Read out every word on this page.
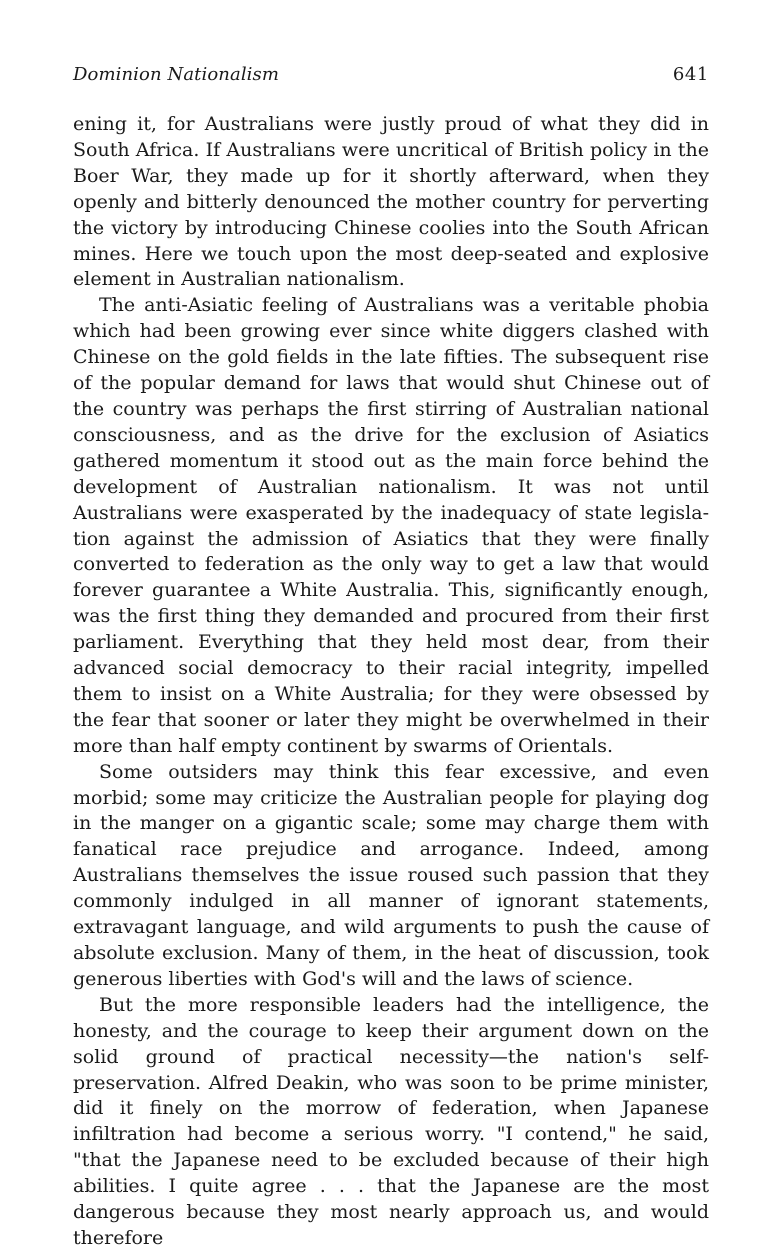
Dominion Nationalism	641

ening it, for Australians were justly proud of what they did in South Africa. If Australians were uncritical of British policy in the Boer War, they made up for it shortly afterward, when they openly and bitterly denounced the mother country for perverting the victory by introducing Chinese coolies into the South African mines. Here we touch upon the most deep-seated and explosive element in Australian nationalism.

The anti-Asiatic feeling of Australians was a veritable phobia which had been growing ever since white diggers clashed with Chinese on the gold fields in the late fifties. The subsequent rise of the popular demand for laws that would shut Chinese out of the country was perhaps the first stirring of Australian national consciousness, and as the drive for the exclusion of Asiatics gathered momentum it stood out as the main force behind the development of Australian nationalism. It was not until Australians were exasperated by the inadequacy of state legislation against the admission of Asiatics that they were finally converted to federation as the only way to get a law that would forever guarantee a White Australia. This, significantly enough, was the first thing they demanded and procured from their first parliament. Everything that they held most dear, from their advanced social democracy to their racial integrity, impelled them to insist on a White Australia; for they were obsessed by the fear that sooner or later they might be overwhelmed in their more than half empty continent by swarms of Orientals.

Some outsiders may think this fear excessive, and even morbid; some may criticize the Australian people for playing dog in the manger on a gigantic scale; some may charge them with fanatical race prejudice and arrogance. Indeed, among Australians themselves the issue roused such passion that they commonly indulged in all manner of ignorant statements, extravagant language, and wild arguments to push the cause of absolute exclusion. Many of them, in the heat of discussion, took generous liberties with God's will and the laws of science.

But the more responsible leaders had the intelligence, the honesty, and the courage to keep their argument down on the solid ground of practical necessity—the nation's self-preservation. Alfred Deakin, who was soon to be prime minister, did it finely on the morrow of federation, when Japanese infiltration had become a serious worry. "I contend," he said, "that the Japanese need to be excluded because of their high abilities. I quite agree . . . that the Japanese are the most dangerous because they most nearly approach us, and would therefore
